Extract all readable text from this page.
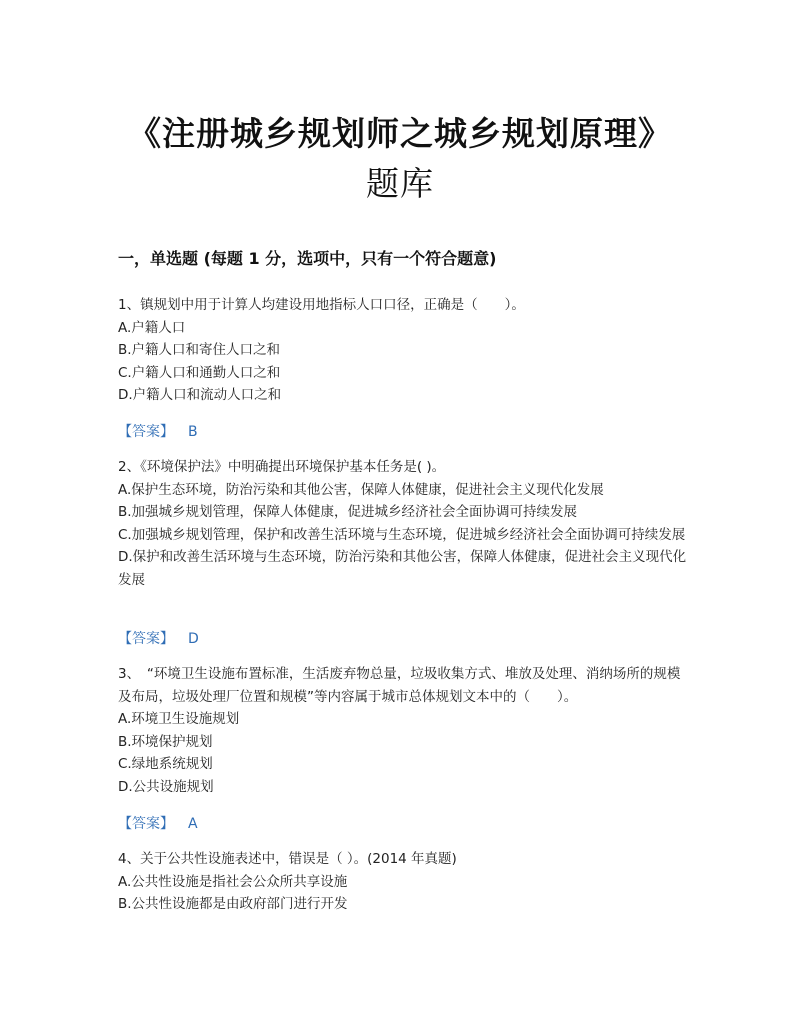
《注册城乡规划师之城乡规划原理》
题库
一，单选题 (每题 1 分，选项中，只有一个符合题意)
1、镇规划中用于计算人均建设用地指标人口口径，正确是（　　）。
A.户籍人口
B.户籍人口和寄住人口之和
C.户籍人口和通勤人口之和
D.户籍人口和流动人口之和
【答案】 B
2、《环境保护法》中明确提出环境保护基本任务是( )。
A.保护生态环境，防治污染和其他公害，保障人体健康，促进社会主义现代化发展
B.加强城乡规划管理，保障人体健康，促进城乡经济社会全面协调可持续发展
C.加强城乡规划管理，保护和改善生活环境与生态环境，促进城乡经济社会全面协调可持续发展
D.保护和改善生活环境与生态环境，防治污染和其他公害，保障人体健康，促进社会主义现代化发展
【答案】 D
3、　“环境卫生设施布置标准，生活废弃物总量，垃圾收集方式、堆放及处理、消纳场所的规模及布局，垃圾处理厂位置和规模”等内容属于城市总体规划文本中的（　　）。
A.环境卫生设施规划
B.环境保护规划
C.绿地系统规划
D.公共设施规划
【答案】 A
4、关于公共性设施表述中，错误是（ ）。(2014 年真题)
A.公共性设施是指社会公众所共享设施
B.公共性设施都是由政府部门进行开发
